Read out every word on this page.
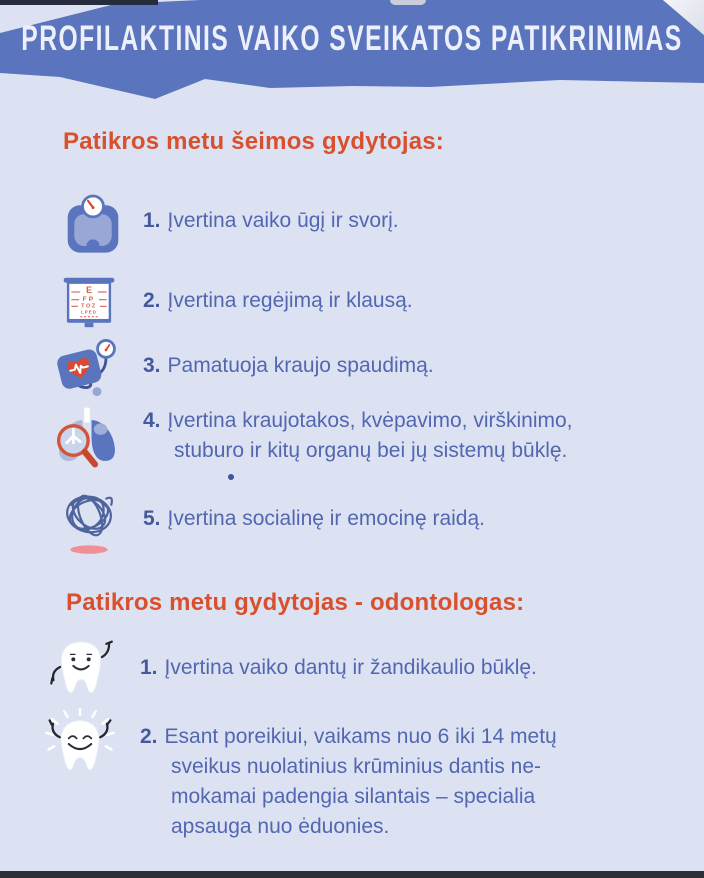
PROFILAKTINIS VAIKO SVEIKATOS PATIKRINIMAS
Patikros metu šeimos gydytojas:
1. Įvertina vaiko ūgį ir svorį.
E
FP
TOZ
LPED 2. Įvertina regėjimą ir klausą.
3. Pamatuoja kraujo spaudimą.
4. Įvertina kraujotakos, kvėpavimo, virškinimo, stuburo ir kitų organų bei jų sistemų būklę.
5. Įvertina socialinę ir emocinę raidą.
Patikros metu gydytojas - odontologas:
1. Įvertina vaiko dantų ir žandikaulio būklę.
2. Esant poreikiui, vaikams nuo 6 iki 14 metų sveikus nuolatinius krūminius dantis ne-mokamai padengia silantais – specialia apsauga nuo ėduonies.
